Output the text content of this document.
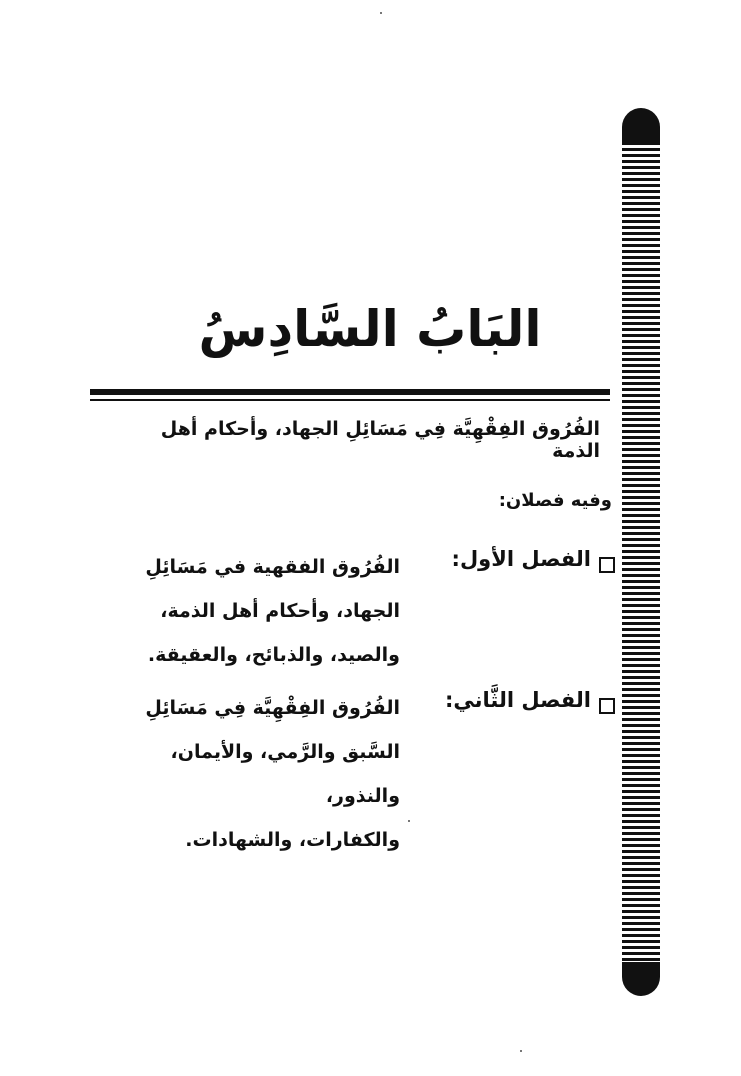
البَابُ السَّادِسُ
الفُرُوق الفِقْهِيَّة فِي مَسَائِلِ الجهاد، وأحكام أهل الذمة
وفيه فصلان:
الفصل الأول:
الفُرُوق الفقهية في مَسَائِلِ
الجهاد، وأحكام أهل الذمة،
والصيد، والذبائح، والعقيقة.
الفصل الثَّاني:
الفُرُوق الفِقْهِيَّة فِي مَسَائِلِ
السَّبق والرَّمي، والأيمان، والنذور،
والكفارات، والشهادات.
